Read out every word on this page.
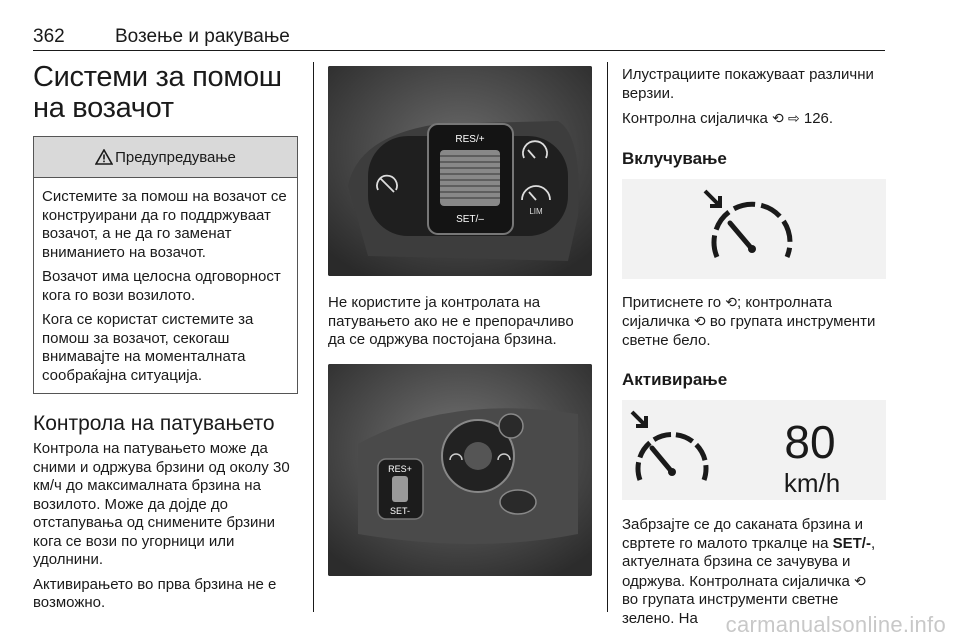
362	Возење и ракување
Системи за помош на возачот
Предупредување

Системите за помош на возачот се конструирани да го поддржуваат возачот, а не да го заменат вниманието на возачот.

Возачот има целосна одговорност кога го вози возилото.

Кога се користат системите за помош за возачот, секогаш внимавајте на моменталната сообраќајна ситуација.

Контрола на патувањето

Контрола на патувањето може да сними и одржува брзини од околу 30 км/ч до максималната брзина на возилото. Може да дојде до отстапувања од снимените брзини кога се вози по угорници или удолнини.

Активирањето во прва брзина не е возможно.

RES/+
SET/–
LIM

Не користите ја контролата на патувањето ако не е препорачливо да се одржува постојана брзина.

RES+
SET-

Илустрациите покажуваат различни верзии.

Контролна сијаличка ⟲ ⇨ 126.

Вклучување

Притиснете го ⟲; контролната сијаличка ⟲ во групата инструменти светне бело.

Активирање
80
km/h

Забрзајте се до саканата брзина и свртете го малото тркалце на SET/-, актуелната брзина се зачувува и одржува. Контролната сијаличка ⟲ во групата инструменти светне зелено. На	carmanualsonline.info
